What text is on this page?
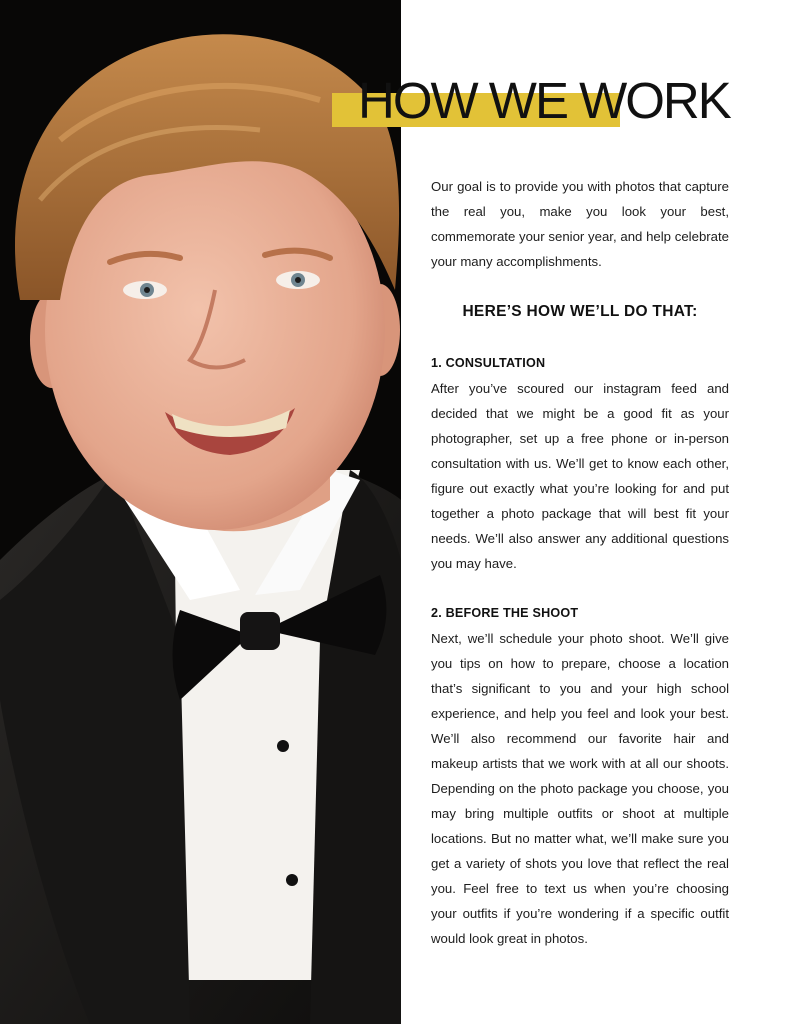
HOW WE WORK

Our goal is to provide you with photos that capture the real you, make you look your best, commemorate your senior year, and help celebrate your many accomplishments.

HERE’S HOW WE’LL DO THAT:
1. CONSULTATION

After you’ve scoured our instagram feed and decided that we might be a good fit as your photographer, set up a free phone or in-person consultation with us. We’ll get to know each other, figure out exactly what you’re looking for and put together a photo package that will best fit your needs. We’ll also answer any additional questions you may have.

2. BEFORE THE SHOOT

Next, we’ll schedule your photo shoot. We’ll give you tips on how to prepare, choose a location that’s significant to you and your high school experience, and help you feel and look your best. We’ll also recommend our favorite hair and makeup artists that we work with at all our shoots. Depending on the photo package you choose, you may bring multiple outfits or shoot at multiple locations. But no matter what, we’ll make sure you get a variety of shots you love that reflect the real you. Feel free to text us when you’re choosing your outfits if you’re wondering if a specific outfit would look great in photos.
